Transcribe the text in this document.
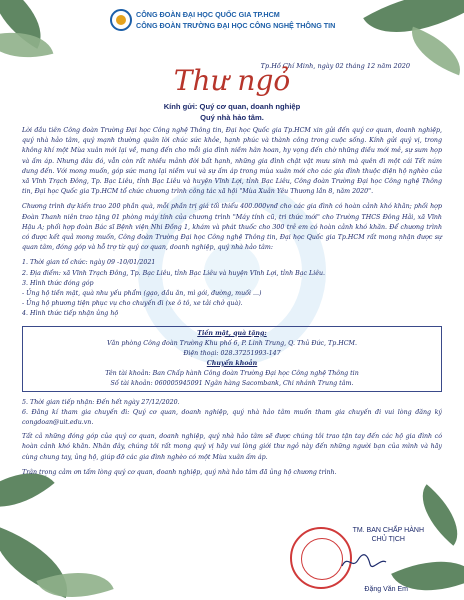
CÔNG ĐOÀN ĐẠI HỌC QUỐC GIA TP.HCM
CÔNG ĐOÀN TRƯỜNG ĐẠI HỌC CÔNG NGHỆ THÔNG TIN
Tp.Hồ Chí Minh, ngày 02 tháng 12 năm 2020
Thư ngỏ
Kính gửi: Quý cơ quan, doanh nghiệp
Quý nhà hảo tâm.

Lời đầu tiên Công đoàn Trường Đại học Công nghệ Thông tin, Đại học Quốc gia Tp.HCM xin gửi đến quý cơ quan, doanh nghiệp, quý nhà hảo tâm, quý mạnh thường quân lời chúc sức khỏe, hạnh phúc và thành công trong cuộc sống. Kính gửi quý vị, trong không khí một Mùa xuân mới lại về, mang đến cho mỗi gia đình niềm hân hoan, hy vọng đến chờ những điều mới mẻ, sự sum họp và ấm áp. Nhưng đâu đó, vẫn còn rất nhiều mảnh đời bất hạnh, những gia đình chật vật mưu sinh mà quên đi một cái Tết núm dung đến. Với mong muốn, góp sức mang lại niềm vui và sự ấm áp trong mùa xuân mới cho các gia đình thuộc diện hộ nghèo của xã Vĩnh Trạch Đông, Tp. Bạc Liêu, tỉnh Bạc Liêu và huyện Vĩnh Lợi, tỉnh Bạc Liêu, Công đoàn Trường Đại học Công nghệ Thông tin, Đại học Quốc gia Tp.HCM tổ chức chương trình công tác xã hội "Mùa Xuân Yêu Thương lần 8, năm 2020".

Chương trình dự kiến trao 200 phần quà, mỗi phần trị giá tối thiểu 400.000vnđ cho các gia đình có hoàn cảnh khó khăn; phối hợp Đoàn Thanh niên trao tặng 01 phòng máy tính của chương trình "Máy tính cũ, tri thức mới" cho Trường THCS Đông Hải, xã Vĩnh Hậu A; phối hợp đoàn Bác sĩ Bệnh viện Nhi Đồng 1, khám và phát thuốc cho 300 trẻ em có hoàn cảnh khó khăn. Để chương trình có được kết quả mong muốn, Công đoàn Trường Đại học Công nghệ Thông tin, Đại học Quốc gia Tp.HCM rất mong nhận được sự quan tâm, đóng góp và hỗ trợ từ quý cơ quan, doanh nghiệp, quý nhà hảo tâm:

1. Thời gian tổ chức: ngày 09 -10/01/2021
2. Địa điểm: xã Vĩnh Trạch Đông, Tp. Bạc Liêu, tỉnh Bạc Liêu và huyện Vĩnh Lợi, tỉnh Bạc Liêu.
3. Hình thức đóng góp
- Ủng hộ tiền mặt, quà nhu yếu phẩm (gạo, dầu ăn, mì gói, đường, muối ...)
- Ủng hộ phương tiện phục vụ cho chuyến đi (xe ô tô, xe tải chở quà).
4. Hình thức tiếp nhận ủng hộ
Tiền mặt, quà tặng:
Văn phòng Công đoàn Trường Khu phố 6, P. Linh Trung, Q. Thủ Đức, Tp.HCM.
Điện thoại: 028.37251993-147
Chuyển khoản
Tên tài khoản: Ban Chấp hành Công đoàn Trường Đại học Công nghệ Thông tin
Số tài khoản: 060005945091 Ngân hàng Sacombank, Chi nhánh Trung tâm.
5. Thời gian tiếp nhận: Đến hết ngày 27/12/2020.
6. Đăng kí tham gia chuyến đi: Quý cơ quan, doanh nghiệp, quý nhà hảo tâm muốn tham gia chuyến đi vui lòng đăng ký congdoan@uit.edu.vn.

Tất cả những đóng góp của quý cơ quan, doanh nghiệp, quý nhà hảo tâm sẽ được chúng tôi trao tận tay đến các hộ gia đình có hoàn cảnh khó khăn. Nhân đây, chúng tôi rất mong quý vị hãy vui lòng giới thư ngỏ này đến những người bạn của mình và hãy cùng chung tay, ủng hộ, giúp đỡ các gia đình nghèo có một Mùa xuân ấm áp.

Trân trọng cảm ơn tấm lòng quý cơ quan, doanh nghiệp, quý nhà hảo tâm đã ủng hộ chương trình.

TM. BAN CHẤP HÀNH
CHỦ TỊCH
Đặng Văn Em
